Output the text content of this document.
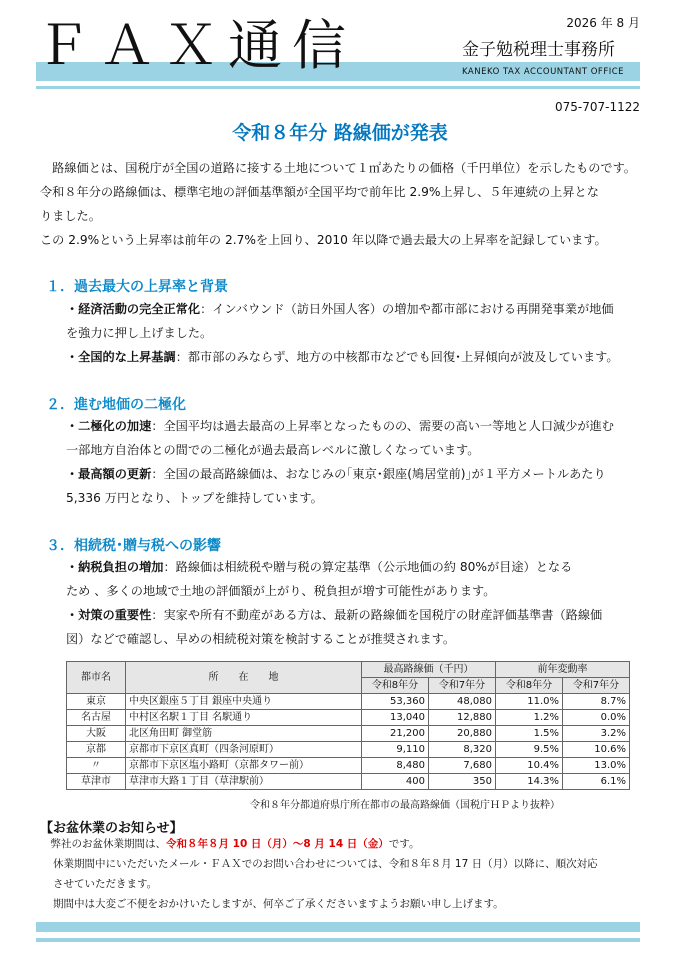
ＦＡＸ通信	2026 年 8 月
金子勉税理士事務所
KANEKO TAX ACCOUNTANT OFFICE
075-707-1122
令和８年分 路線価が発表
　路線価とは、国税庁が全国の道路に接する土地について１㎡あたりの価格（千円単位）を示したものです。
令和８年分の路線価は、標準宅地の評価基準額が全国平均で前年比 2.9%上昇し、５年連続の上昇とな
りました。
この 2.9%という上昇率は前年の 2.7%を上回り、2010 年以降で過去最大の上昇率を記録しています。
１．過去最大の上昇率と背景
・経済活動の完全正常化：インバウンド（訪日外国人客）の増加や都市部における再開発事業が地価
を強力に押し上げました。
・全国的な上昇基調：都市部のみならず、地方の中核都市などでも回復･上昇傾向が波及しています。
２．進む地価の二極化
・二極化の加速：全国平均は過去最高の上昇率となったものの、需要の高い一等地と人口減少が進む
一部地方自治体との間での二極化が過去最高レベルに激しくなっています。
・最高額の更新：全国の最高路線価は、おなじみの｢東京･銀座(鳩居堂前)｣が１平方メートルあたり
5,336 万円となり、トップを維持しています。
３．相続税･贈与税への影響
・納税負担の増加：路線価は相続税や贈与税の算定基準（公示地価の約 80%が目途）となる
ため 、多くの地域で土地の評価額が上がり、税負担が増す可能性があります。
・対策の重要性：実家や所有不動産がある方は、最新の路線価を国税庁の財産評価基準書（路線価
図）などで確認し、早めの相続税対策を検討することが推奨されます。
都市名	所　　在　　地	最高路線価（千円）		前年変動率	
		令和8年分	令和7年分	令和8年分	令和7年分
東京	中央区銀座５丁目 銀座中央通り	53,360	48,080	11.0%	8.7%
名古屋	中村区名駅１丁目 名駅通り	13,040	12,880	1.2%	0.0%
大阪	北区角田町 御堂筋	21,200	20,880	1.5%	3.2%
京都	京都市下京区真町（四条河原町）	9,110	8,320	9.5%	10.6%
〃	京都市下京区塩小路町（京都タワー前）	8,480	7,680	10.4%	13.0%
草津市	草津市大路１丁目（草津駅前）	400	350	14.3%	6.1%
令和８年分都道府県庁所在都市の最高路線価（国税庁ＨＰより抜粋）
【お盆休業のお知らせ】
　弊社のお盆休業期間は、令和８年８月 10 日（月）～8 月 14 日（金）です。
休業期間中にいただいたメール・ＦＡＸでのお問い合わせについては、令和８年８月 17 日（月）以降に、順次対応
させていただきます。
期間中は大変ご不便をおかけいたしますが、何卒ご了承くださいますようお願い申し上げます。
